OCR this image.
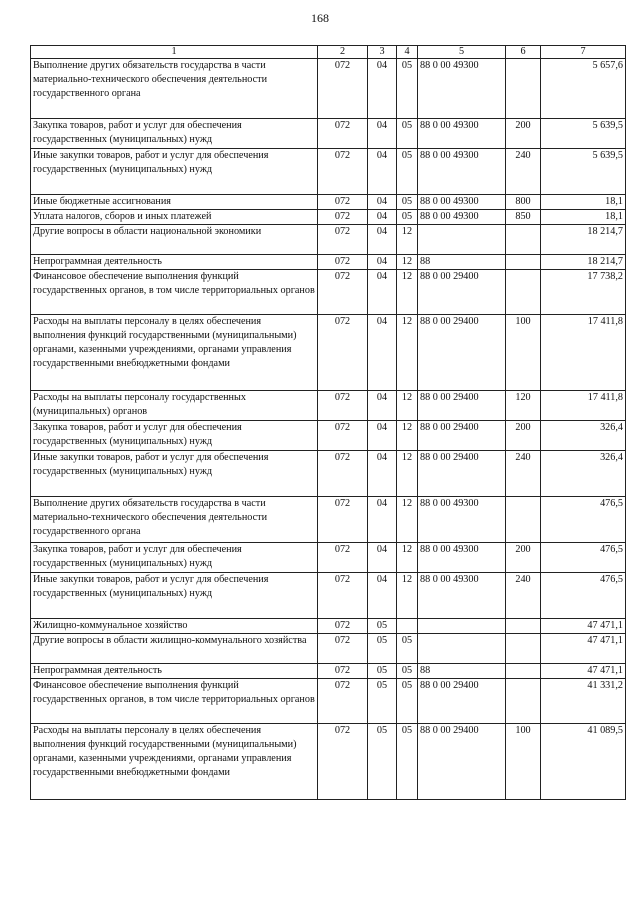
168
1	2	3	4	5	6	7
Выполнение других обязательств государства в части материально-технического обеспечения деятельности государственного органа	072	04	05	88 0 00 49300		5 657,6
Закупка товаров, работ и услуг для обеспечения государственных (муниципальных) нужд	072	04	05	88 0 00 49300	200	5 639,5
Иные закупки товаров, работ и услуг для обеспечения государственных (муниципальных) нужд	072	04	05	88 0 00 49300	240	5 639,5
Иные бюджетные ассигнования	072	04	05	88 0 00 49300	800	18,1
Уплата налогов, сборов и иных платежей	072	04	05	88 0 00 49300	850	18,1
Другие вопросы в области национальной экономики	072	04	12			18 214,7
Непрограммная деятельность	072	04	12	88		18 214,7
Финансовое обеспечение выполнения функций государственных органов, в том числе территориальных органов	072	04	12	88 0 00 29400		17 738,2
Расходы на выплаты персоналу в целях обеспечения выполнения функций государственными (муниципальными) органами, казенными учреждениями, органами управления государственными внебюджетными фондами	072	04	12	88 0 00 29400	100	17 411,8
Расходы на выплаты персоналу государственных (муниципальных) органов	072	04	12	88 0 00 29400	120	17 411,8
Закупка товаров, работ и услуг для обеспечения государственных (муниципальных) нужд	072	04	12	88 0 00 29400	200	326,4
Иные закупки товаров, работ и услуг для обеспечения государственных (муниципальных) нужд	072	04	12	88 0 00 29400	240	326,4
Выполнение других обязательств государства в части материально-технического обеспечения деятельности государственного органа	072	04	12	88 0 00 49300		476,5
Закупка товаров, работ и услуг для обеспечения государственных (муниципальных) нужд	072	04	12	88 0 00 49300	200	476,5
Иные закупки товаров, работ и услуг для обеспечения государственных (муниципальных) нужд	072	04	12	88 0 00 49300	240	476,5
Жилищно-коммунальное хозяйство	072	05				47 471,1
Другие вопросы в области жилищно-коммунального хозяйства	072	05	05			47 471,1
Непрограммная деятельность	072	05	05	88		47 471,1
Финансовое обеспечение выполнения функций государственных органов, в том числе территориальных органов	072	05	05	88 0 00 29400		41 331,2
Расходы на выплаты персоналу в целях обеспечения выполнения функций государственными (муниципальными) органами, казенными учреждениями, органами управления государственными внебюджетными фондами	072	05	05	88 0 00 29400	100	41 089,5
